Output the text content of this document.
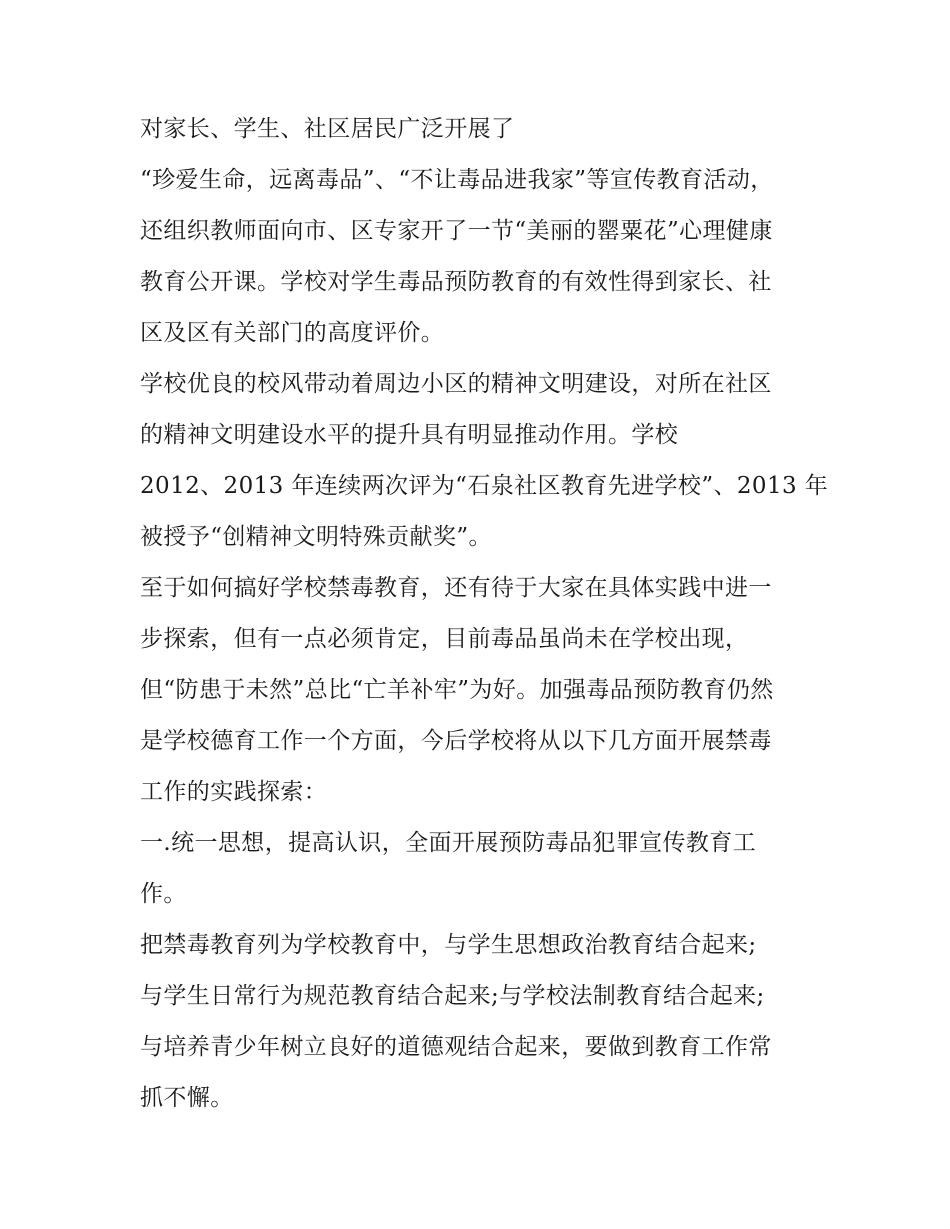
对家长、学生、社区居民广泛开展了
“珍爱生命，远离毒品”、“不让毒品进我家”等宣传教育活动，
还组织教师面向市、区专家开了一节“美丽的罂粟花”心理健康
教育公开课。学校对学生毒品预防教育的有效性得到家长、社
区及区有关部门的高度评价。
学校优良的校风带动着周边小区的精神文明建设，对所在社区
的精神文明建设水平的提升具有明显推动作用。学校
2012、2013 年连续两次评为“石泉社区教育先进学校”、2013 年
被授予“创精神文明特殊贡献奖”。
至于如何搞好学校禁毒教育，还有待于大家在具体实践中进一
步探索，但有一点必须肯定，目前毒品虽尚未在学校出现，
但“防患于未然”总比“亡羊补牢”为好。加强毒品预防教育仍然
是学校德育工作一个方面，今后学校将从以下几方面开展禁毒
工作的实践探索：
一.统一思想，提高认识，全面开展预防毒品犯罪宣传教育工
作。
把禁毒教育列为学校教育中，与学生思想政治教育结合起来;
与学生日常行为规范教育结合起来;与学校法制教育结合起来;
与培养青少年树立良好的道德观结合起来，要做到教育工作常
抓不懈。
